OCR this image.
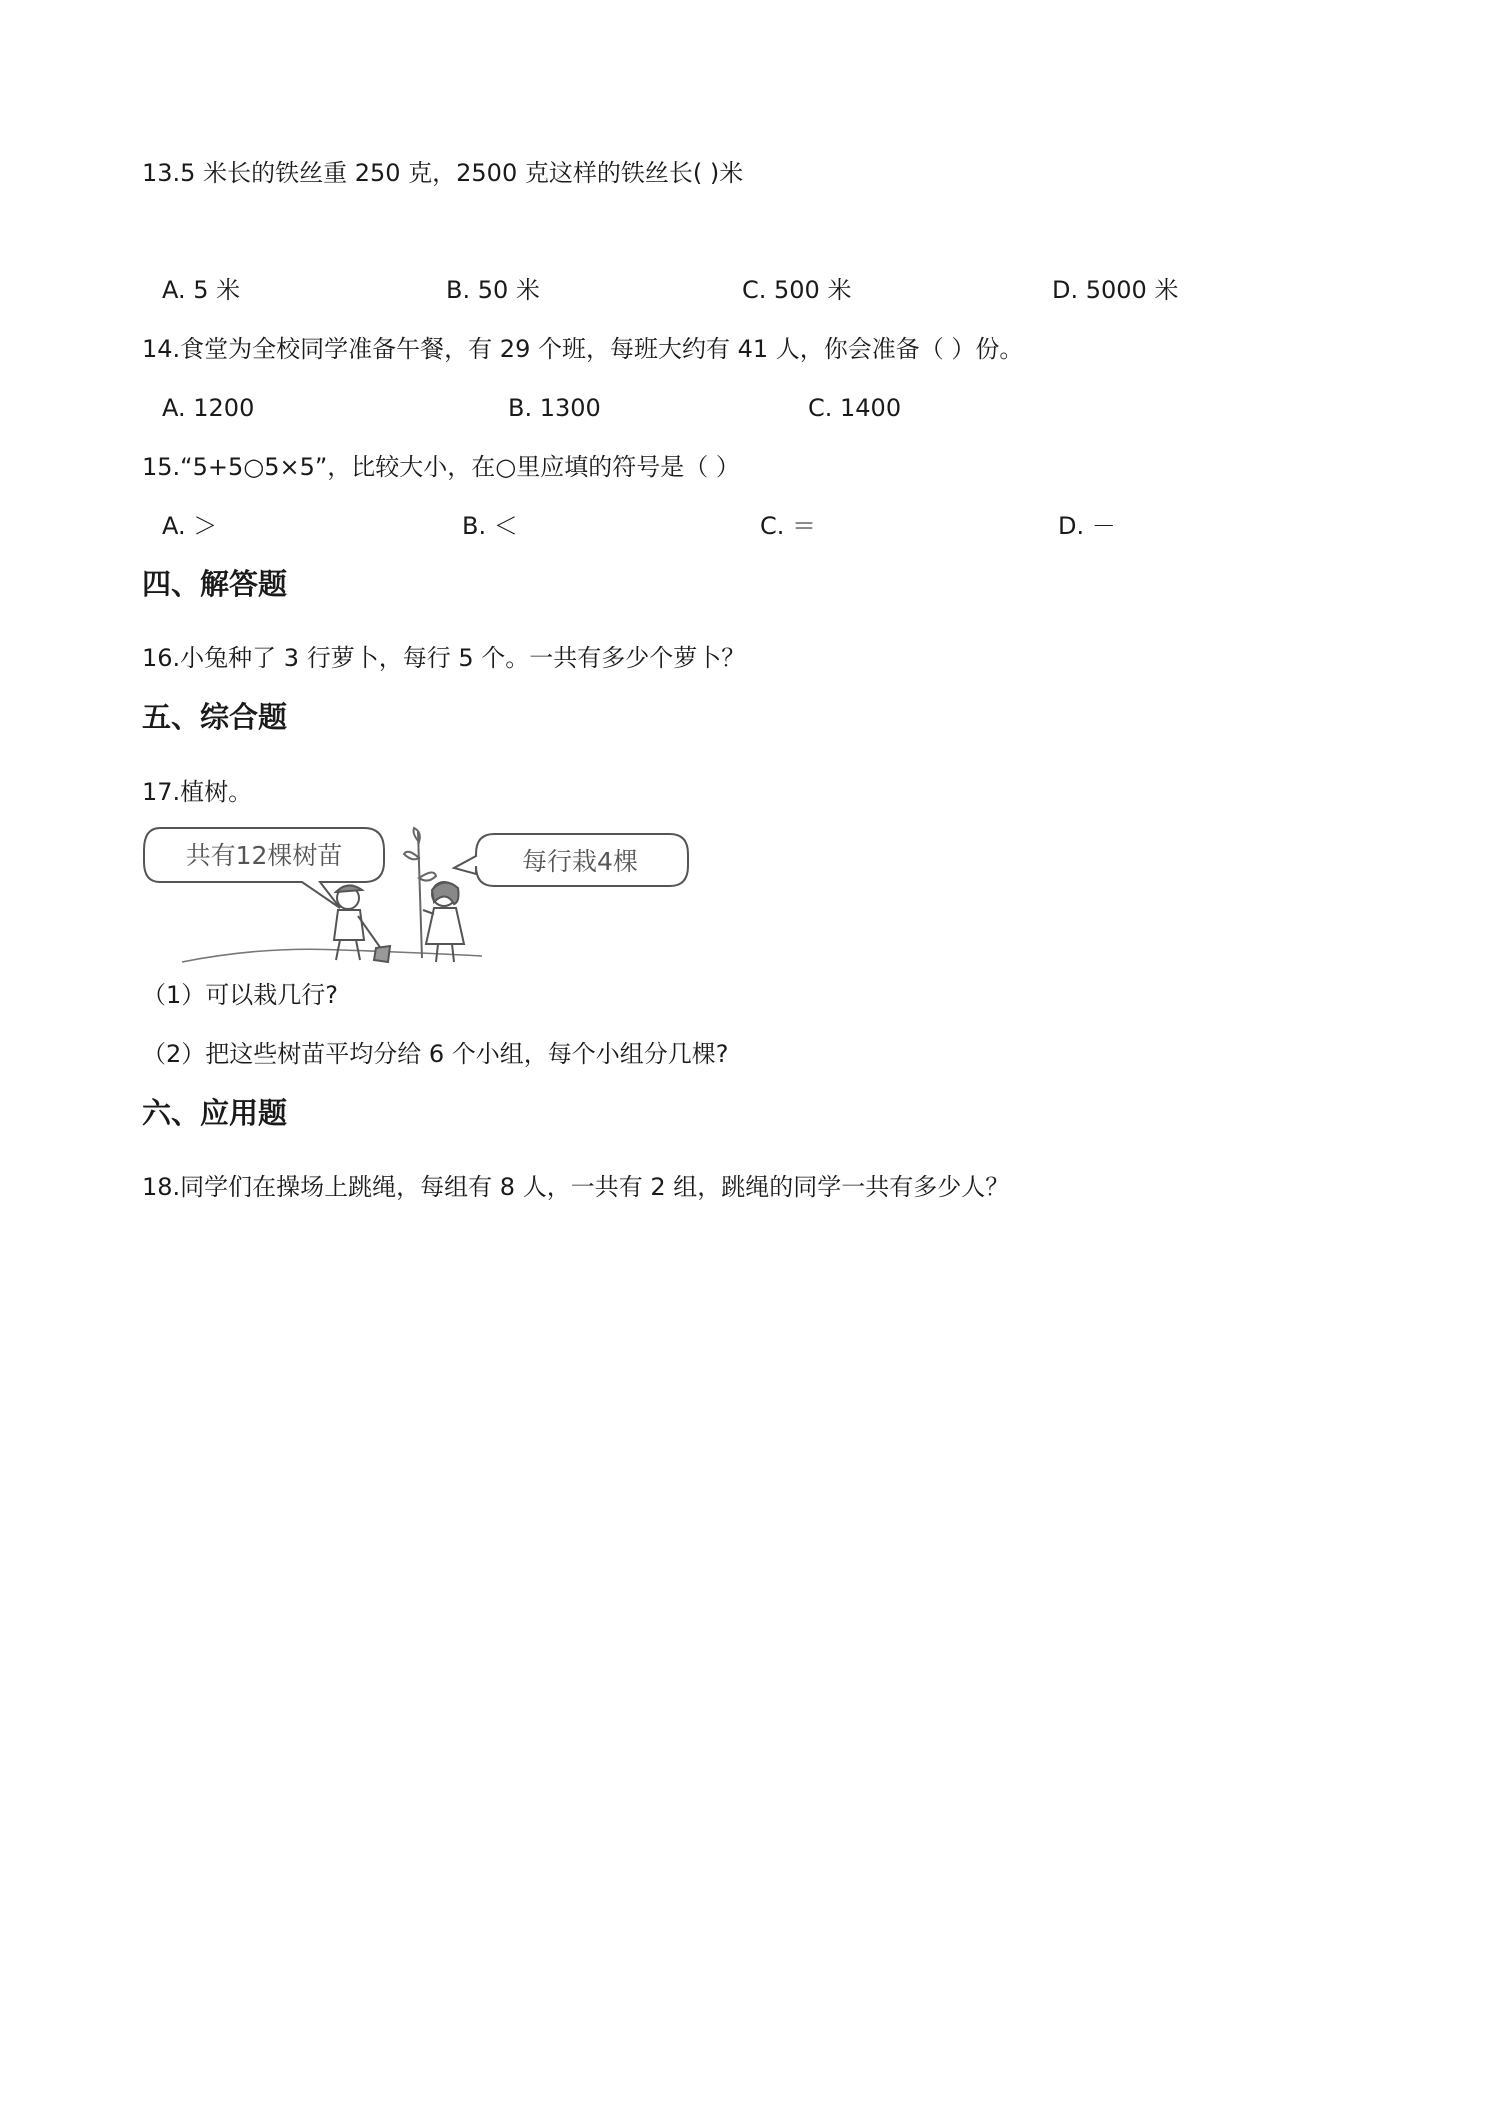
13.5 米长的铁丝重 250 克，2500 克这样的铁丝长( )米
A. 5 米	B. 50 米	C. 500 米	D. 5000 米
14.食堂为全校同学准备午餐，有 29 个班，每班大约有 41 人，你会准备（ ）份。
A. 1200	B. 1300	C. 1400
15.“5+5○5×5”，比较大小，在○里应填的符号是（ ）
A. ＞	B. ＜	C. ＝	D. －
四、解答题
16.小兔种了 3 行萝卜，每行 5 个。一共有多少个萝卜？
五、综合题
17.植树。
共有12棵树苗	每行栽4棵
（1）可以栽几行?
（2）把这些树苗平均分给 6 个小组，每个小组分几棵?
六、应用题
18.同学们在操场上跳绳，每组有 8 人，一共有 2 组，跳绳的同学一共有多少人？
